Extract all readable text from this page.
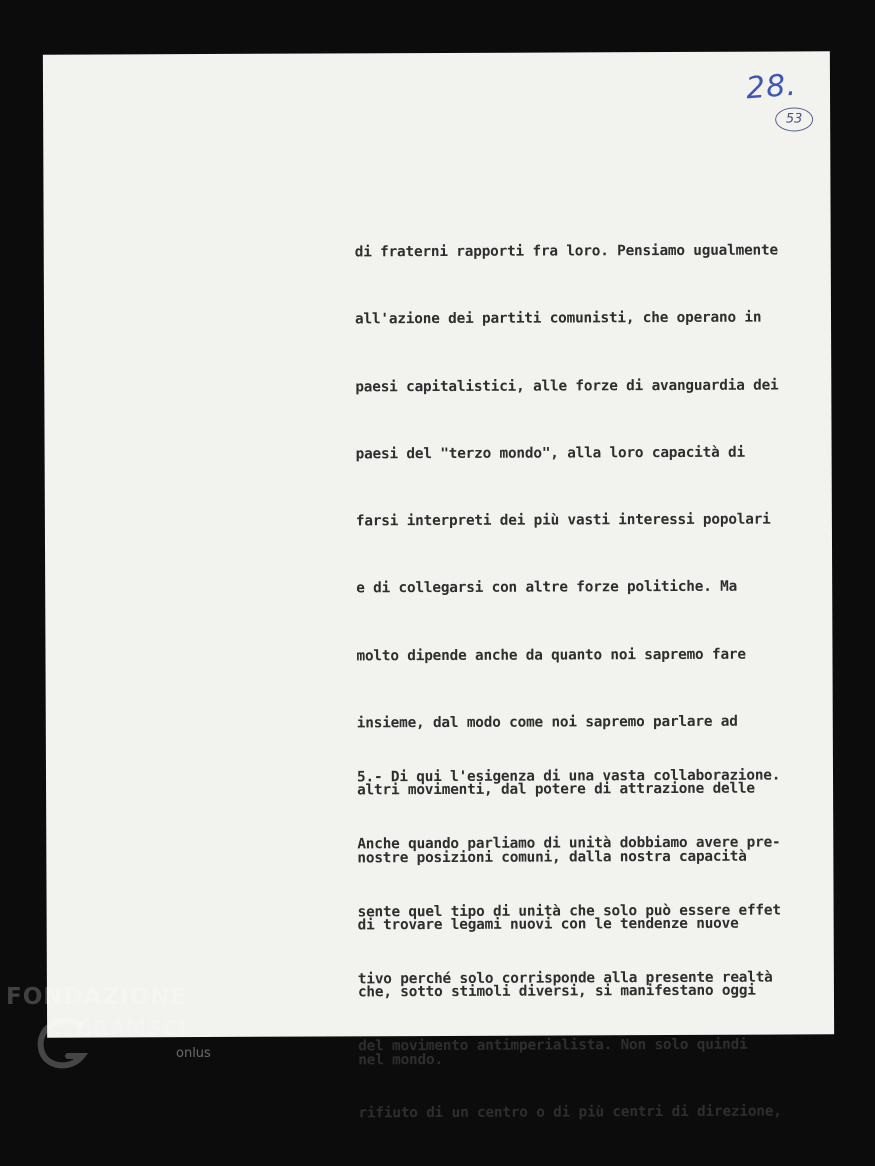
28.
53

di fraterni rapporti fra loro. Pensiamo ugualmente

all'azione dei partiti comunisti, che operano in

paesi capitalistici, alle forze di avanguardia dei

paesi del "terzo mondo", alla loro capacità di

farsi interpreti dei più vasti interessi popolari

e di collegarsi con altre forze politiche. Ma

molto dipende anche da quanto noi sapremo fare

insieme, dal modo come noi sapremo parlare ad

altri movimenti, dal potere di attrazione delle

nostre posizioni comuni, dalla nostra capacità

di trovare legami nuovi con le tendenze nuove

che, sotto stimoli diversi, si manifestano oggi

nel mondo.

5.- Di qui l'esigenza di una vasta collaborazione.

Anche quando parliamo di unità dobbiamo avere pre-

sente quel tipo di unità che solo può essere effet

tivo perché solo corrisponde alla presente realtà

del movimento antimperialista. Non solo quindi

rifiuto di un centro o di più centri di direzione,

FONDAZIONE
GRAMSCI
onlus
